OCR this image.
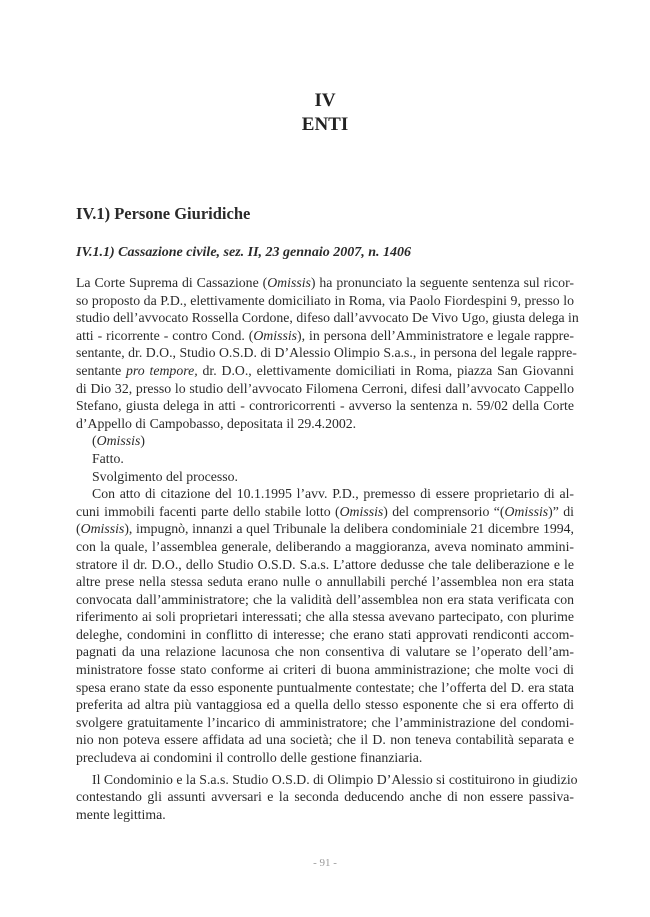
IV
ENTI
IV.1) Persone Giuridiche
IV.1.1) Cassazione civile, sez. II, 23 gennaio 2007, n. 1406
La Corte Suprema di Cassazione (Omissis) ha pronunciato la seguente sentenza sul ricor-
so proposto da P.D., elettivamente domiciliato in Roma, via Paolo Fiordespini 9, presso lo
studio dell’avvocato Rossella Cordone, difeso dall’avvocato De Vivo Ugo, giusta delega in
atti - ricorrente - contro Cond. (Omissis), in persona dell’Amministratore e legale rappre-
sentante, dr. D.O., Studio O.S.D. di D’Alessio Olimpio S.a.s., in persona del legale rappre-
sentante pro tempore, dr. D.O., elettivamente domiciliati in Roma, piazza San Giovanni
di Dio 32, presso lo studio dell’avvocato Filomena Cerroni, difesi dall’avvocato Cappello
Stefano, giusta delega in atti - controricorrenti - avverso la sentenza n. 59/02 della Corte
d’Appello di Campobasso, depositata il 29.4.2002.
(Omissis)
Fatto.
Svolgimento del processo.
Con atto di citazione del 10.1.1995 l’avv. P.D., premesso di essere proprietario di al-
cuni immobili facenti parte dello stabile lotto (Omissis) del comprensorio “(Omissis)” di
(Omissis), impugnò, innanzi a quel Tribunale la delibera condominiale 21 dicembre 1994,
con la quale, l’assemblea generale, deliberando a maggioranza, aveva nominato ammini-
stratore il dr. D.O., dello Studio O.S.D. S.a.s. L’attore dedusse che tale deliberazione e le
altre prese nella stessa seduta erano nulle o annullabili perché l’assemblea non era stata
convocata dall’amministratore; che la validità dell’assemblea non era stata verificata con
riferimento ai soli proprietari interessati; che alla stessa avevano partecipato, con plurime
deleghe, condomini in conflitto di interesse; che erano stati approvati rendiconti accom-
pagnati da una relazione lacunosa che non consentiva di valutare se l’operato dell’am-
ministratore fosse stato conforme ai criteri di buona amministrazione; che molte voci di
spesa erano state da esso esponente puntualmente contestate; che l’offerta del D. era stata
preferita ad altra più vantaggiosa ed a quella dello stesso esponente che si era offerto di
svolgere gratuitamente l’incarico di amministratore; che l’amministrazione del condomi-
nio non poteva essere affidata ad una società; che il D. non teneva contabilità separata e
precludeva ai condomini il controllo delle gestione finanziaria.
Il Condominio e la S.a.s. Studio O.S.D. di Olimpio D’Alessio si costituirono in giudizio
contestando gli assunti avversari e la seconda deducendo anche di non essere passiva-
mente legittima.
- 91 -
